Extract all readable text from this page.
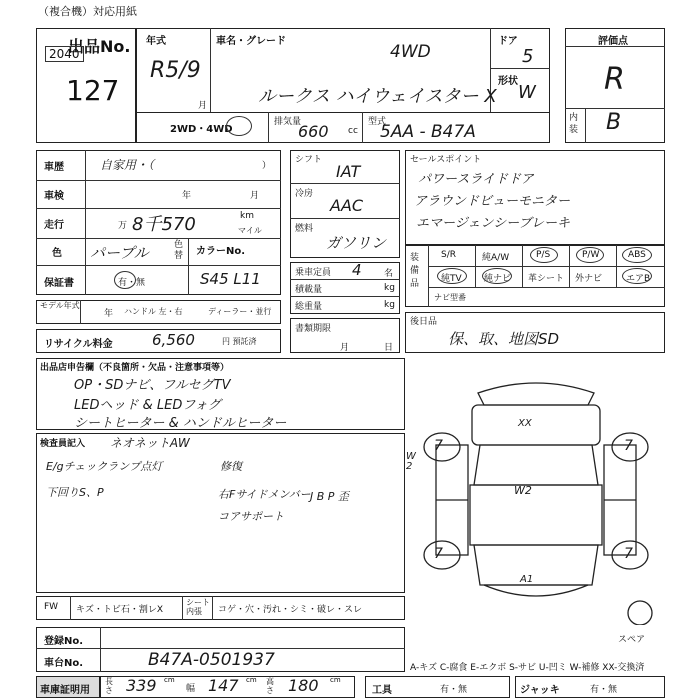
（複合機）対応用紙
出品No.
2040
127
年式
R5/9
月
車名・グレード
4WD
ルークス ハイウェイスター X
ドア
5
形状
W
評価点
R
内装 B
2WD・4WD
排気量
660 cc
型式
5AA - B47A
車歴	自家用・（	）
車検	年	月
走行	万 8千570	km
マイル
色 パープル	色替 カラーNo.
保証書	有・無	S45 L11
モデル年式
年 ハンドル 左・右	ディーラー・並行
リサイクル料金	6,560	円 預託済
シフト
IAT
冷房
AAC
燃料
ガソリン
乗車定員 4 名
積載量	kg
総重量	kg
書類期限
月	日
セールスポイント
パワースライドドア
アラウンドビューモニター
エマージェンシーブレーキ
装備品
S/R	純A/W	P/S	P/W	ABS
純TV 純ナビ 革シート 外ナビ	エアB
ナビ型番
後日品
保、取、地図SD
出品店申告欄（不良箇所・欠品・注意事項等）
OP・SDナビ、フルセグTV
LEDヘッド & LEDフォグ
シートヒーター & ハンドルヒーター
検査員記入 ネオネットAW
E/gチェックランプ点灯
下回りS、P
修復
右Fサイドメンバー
コアサポート
J B P 歪
XX
W2
A1
W 2
7	7
7	7
スペア
FW キズ・トビ石・割レX
シート内張	コゲ・穴・汚れ・シミ・破レ・スレ
登録No.
車台No.	B47A-0501937	A-キズ C-腐食 E-エクボ S-サビ U-凹ミ W-補修 XX-交換済
車庫証明用
長さ 339 cm
幅 147 cm 高さ 180 cm
工具	有・無	ジャッキ	有・無
